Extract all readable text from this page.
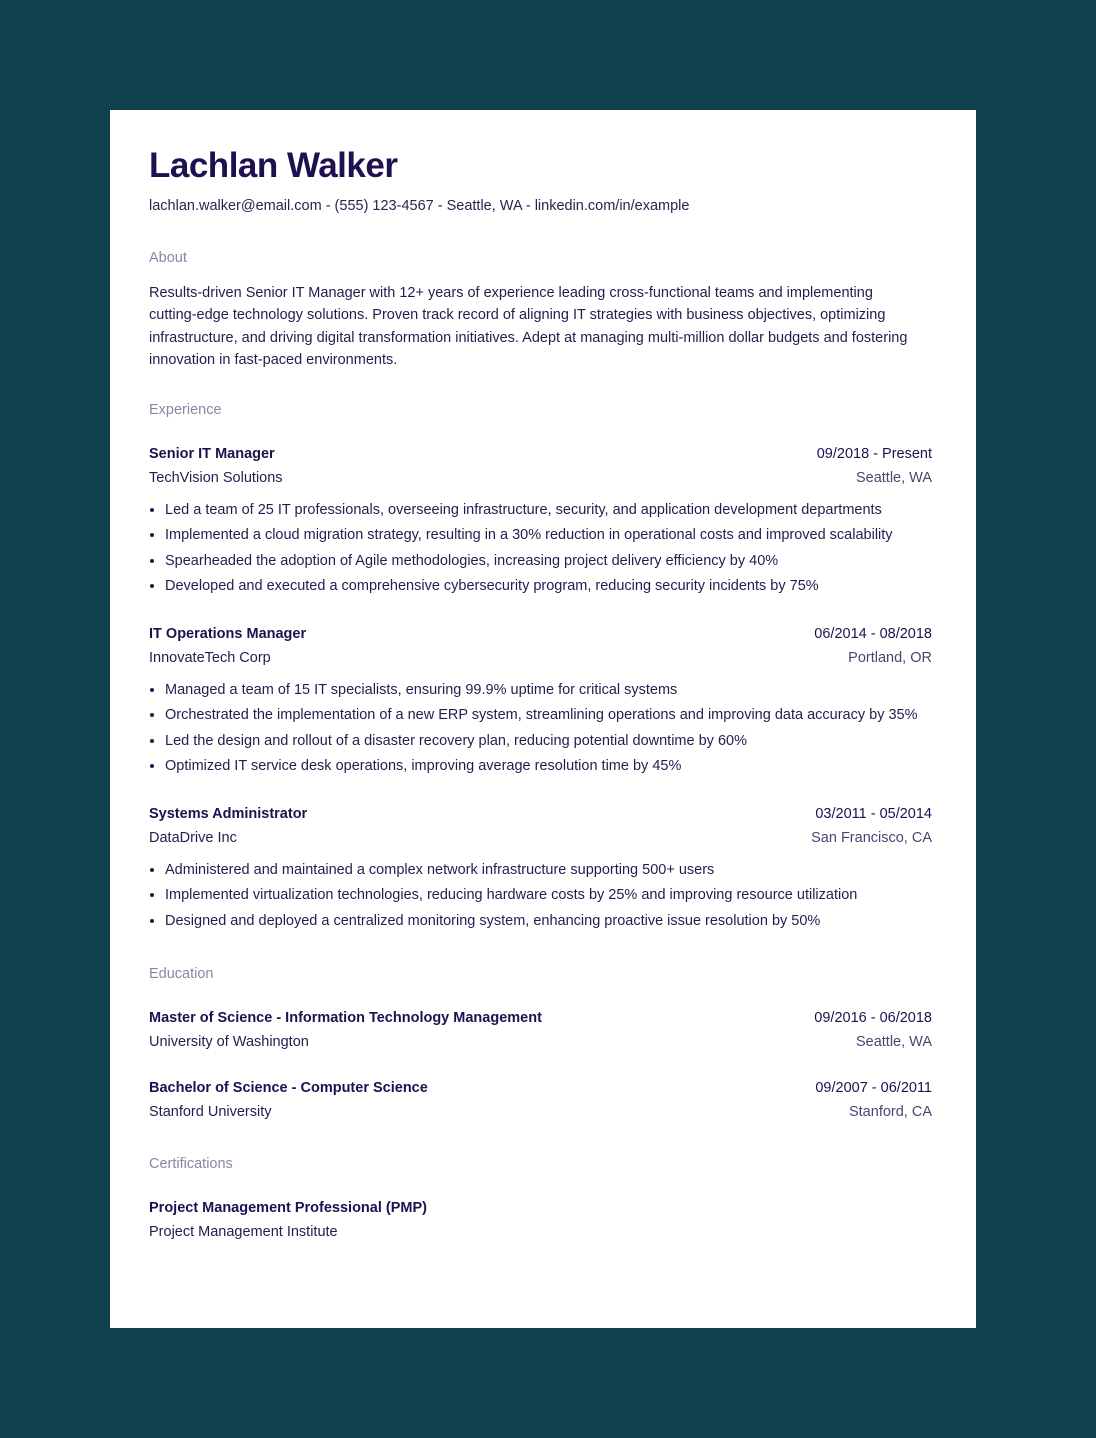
Lachlan Walker
lachlan.walker@email.com - (555) 123-4567 - Seattle, WA - linkedin.com/in/example
About
Results-driven Senior IT Manager with 12+ years of experience leading cross-functional teams and implementing cutting-edge technology solutions. Proven track record of aligning IT strategies with business objectives, optimizing infrastructure, and driving digital transformation initiatives. Adept at managing multi-million dollar budgets and fostering innovation in fast-paced environments.
Experience
Senior IT Manager	09/2018 - Present
TechVision Solutions	Seattle, WA
• Led a team of 25 IT professionals, overseeing infrastructure, security, and application development departments
• Implemented a cloud migration strategy, resulting in a 30% reduction in operational costs and improved scalability
• Spearheaded the adoption of Agile methodologies, increasing project delivery efficiency by 40%
• Developed and executed a comprehensive cybersecurity program, reducing security incidents by 75%
IT Operations Manager	06/2014 - 08/2018
InnovateTech Corp	Portland, OR
• Managed a team of 15 IT specialists, ensuring 99.9% uptime for critical systems
• Orchestrated the implementation of a new ERP system, streamlining operations and improving data accuracy by 35%
• Led the design and rollout of a disaster recovery plan, reducing potential downtime by 60%
• Optimized IT service desk operations, improving average resolution time by 45%
Systems Administrator	03/2011 - 05/2014
DataDrive Inc	San Francisco, CA
• Administered and maintained a complex network infrastructure supporting 500+ users
• Implemented virtualization technologies, reducing hardware costs by 25% and improving resource utilization
• Designed and deployed a centralized monitoring system, enhancing proactive issue resolution by 50%
Education
Master of Science - Information Technology Management	09/2016 - 06/2018
University of Washington	Seattle, WA
Bachelor of Science - Computer Science	09/2007 - 06/2011
Stanford University	Stanford, CA
Certifications
Project Management Professional (PMP)
Project Management Institute
